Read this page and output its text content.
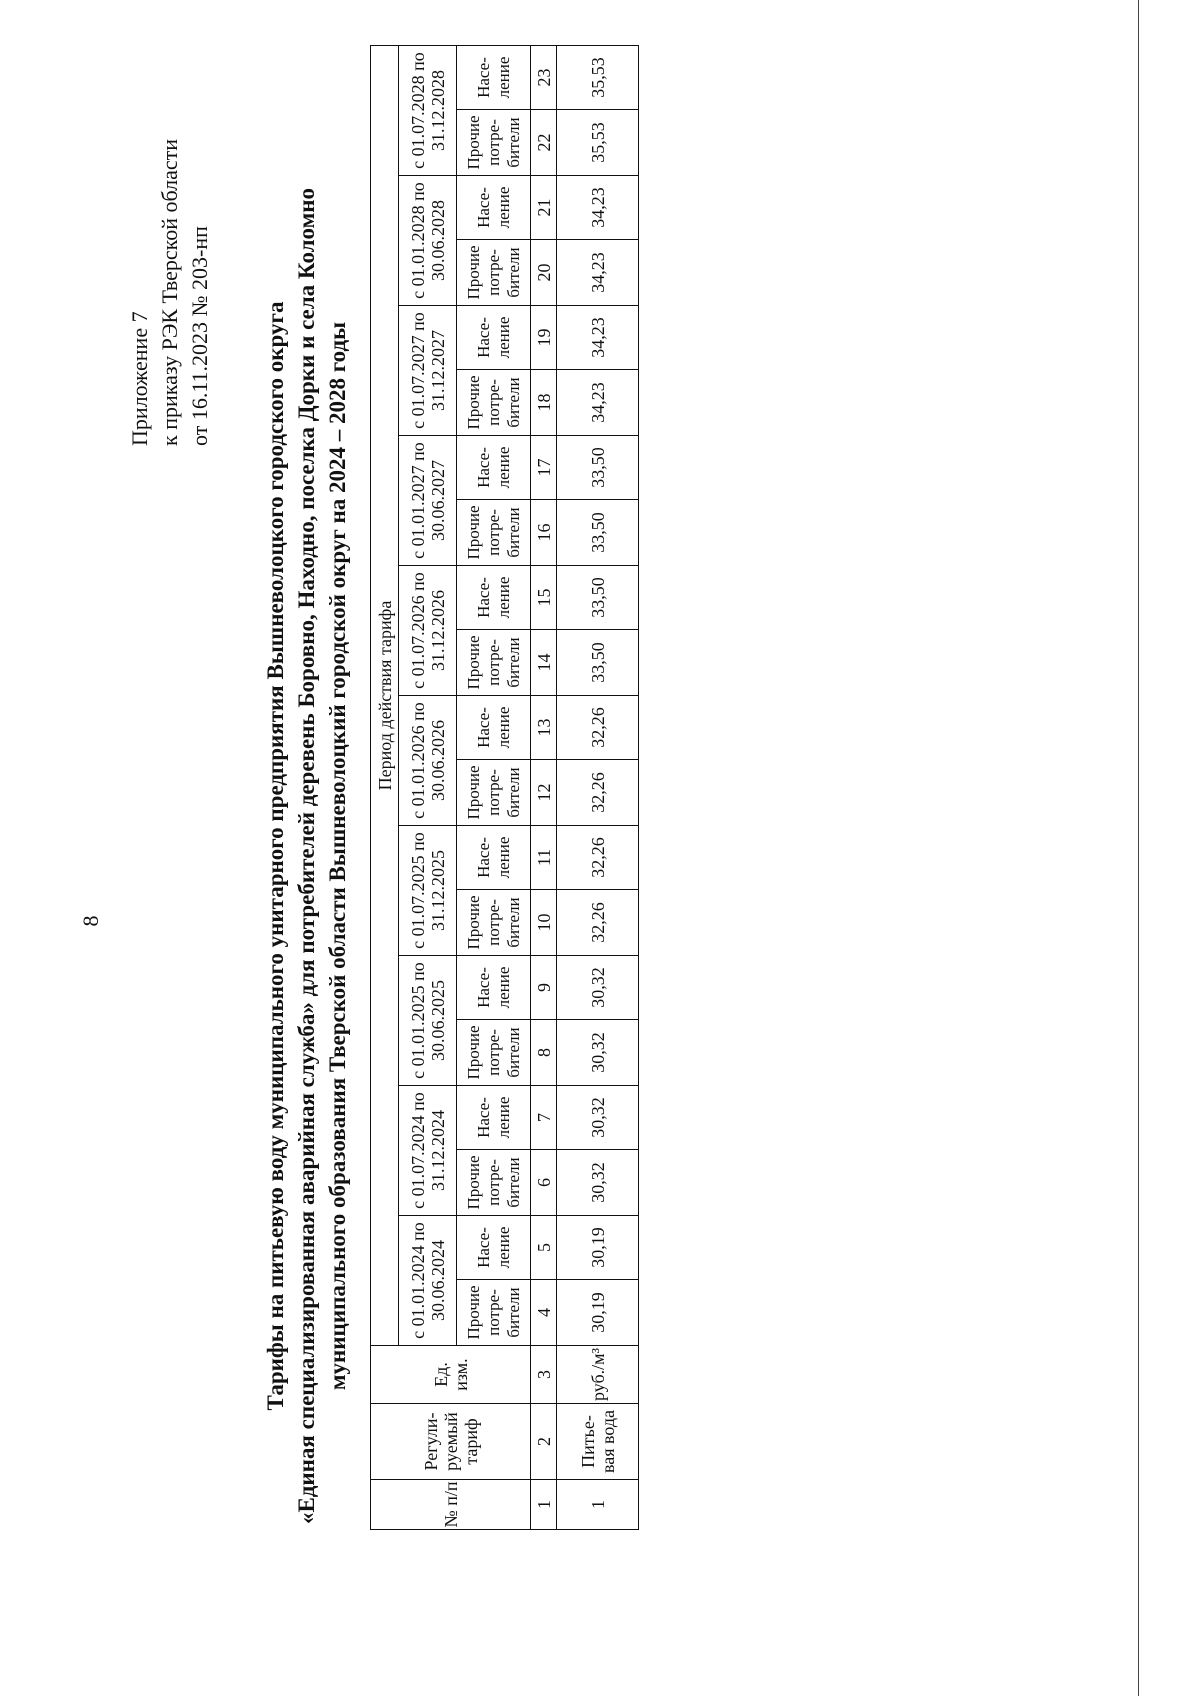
8
Приложение 7 к приказу РЭК Тверской области от 16.11.2023 № 203-нп Тарифы на питьевую воду муниципального унитарного предприятия Вышневолоцкого городского округа «Единая специализированная аварийная служба» для потребителей деревень Боровно, Находно, поселка Дорки и села Коломно муниципального образования Тверской области Вышневолоцкий городской округ на 2024 – 2028 годы
№ п/п	Регули-руемый тариф	Ед. изм.	Период действия тарифа																			
			с 01.01.2024 по 30.06.2024		с 01.07.2024 по 31.12.2024		с 01.01.2025 по 30.06.2025		с 01.07.2025 по 31.12.2025		с 01.01.2026 по 30.06.2026		с 01.07.2026 по 31.12.2026		с 01.01.2027 по 30.06.2027		с 01.07.2027 по 31.12.2027		с 01.01.2028 по 30.06.2028		с 01.07.2028 по 31.12.2028	
			Прочие потре-бители	Насе-ление	Прочие потре-бители	Насе-ление	Прочие потре-бители	Насе-ление	Прочие потре-бители	Насе-ление	Прочие потре-бители	Насе-ление	Прочие потре-бители	Насе-ление	Прочие потре-бители	Насе-ление	Прочие потре-бители	Насе-ление	Прочие потре-бители	Насе-ление	Прочие потре-бители	Насе-ление
1	2	3	4	5	6	7	8	9	10	11	12	13	14	15	16	17	18	19	20	21	22	23
1	Питье-вая вода	руб./м³	30,19	30,19	30,32	30,32	30,32	30,32	32,26	32,26	32,26	32,26	33,50	33,50	33,50	33,50	34,23	34,23	34,23	34,23	35,53	35,53
